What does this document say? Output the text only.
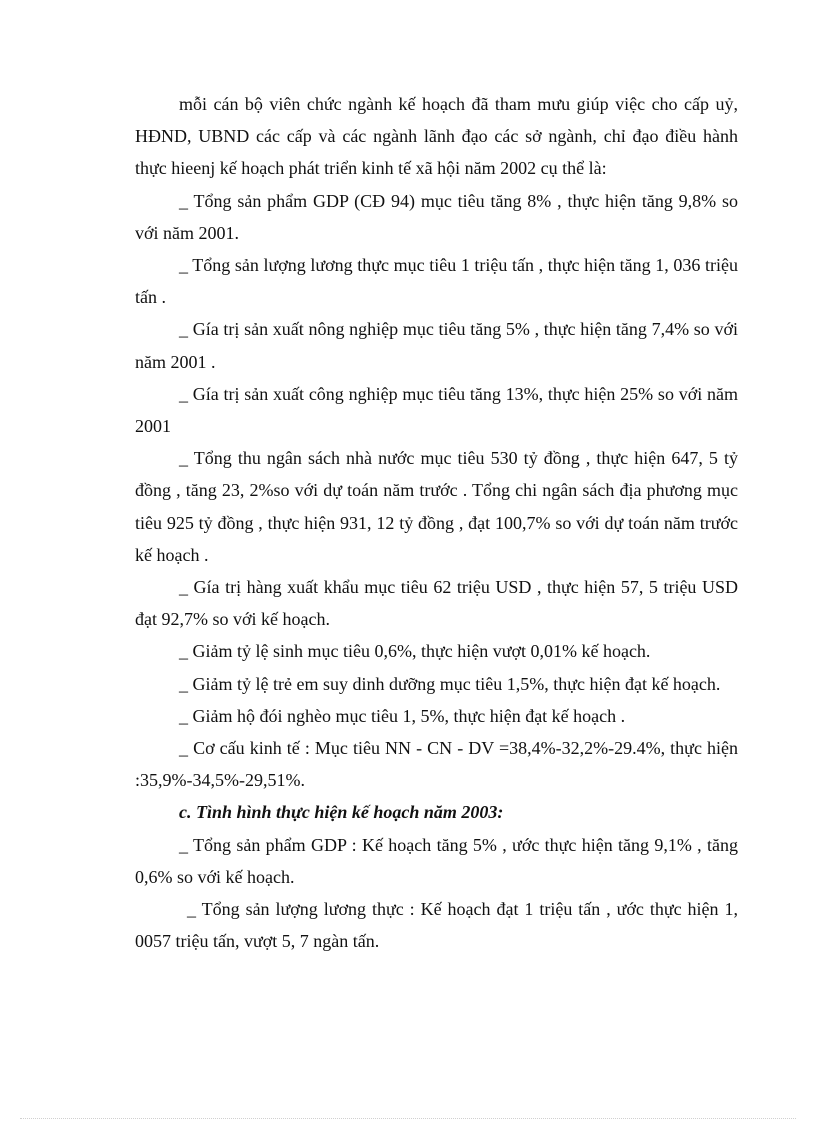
mỗi cán bộ viên chức ngành kế hoạch đã tham mưu giúp việc cho cấp uỷ, HĐND, UBND các cấp và các ngành lãnh đạo các sở ngành, chỉ đạo điều hành thực hieenj kế hoạch phát triển kinh tế xã hội năm 2002 cụ thể là:

_ Tổng sản phẩm GDP (CĐ 94) mục tiêu tăng 8% , thực hiện tăng 9,8% so với năm 2001.

_ Tổng sản lượng lương thực mục tiêu 1 triệu tấn , thực hiện tăng 1, 036 triệu tấn .

_ Gía trị sản xuất nông nghiệp mục tiêu tăng 5% , thực hiện tăng 7,4% so với năm 2001 .

_ Gía trị sản xuất công nghiệp mục tiêu tăng 13%, thực hiện 25% so với năm 2001

_ Tổng thu ngân sách nhà nước mục tiêu 530 tỷ đồng , thực hiện 647, 5 tỷ đồng , tăng 23, 2%so với dự toán năm trước . Tổng chi ngân sách địa phương mục tiêu 925 tỷ đồng , thực hiện 931, 12 tỷ đồng , đạt 100,7% so với dự toán năm trước kế hoạch .

_ Gía trị hàng xuất khẩu mục tiêu 62 triệu USD , thực hiện 57, 5 triệu USD đạt 92,7% so với kế hoạch.

_ Giảm tỷ lệ sinh mục tiêu 0,6%, thực hiện vượt 0,01% kế hoạch.

_ Giảm tỷ lệ trẻ em suy dinh dưỡng mục tiêu 1,5%, thực hiện đạt kế hoạch.

_ Giảm hộ đói nghèo mục tiêu 1, 5%, thực hiện đạt kế hoạch .

_ Cơ cấu kinh tế : Mục tiêu NN - CN - DV =38,4%-32,2%-29.4%, thực hiện :35,9%-34,5%-29,51%.

c. Tình hình thực hiện kế hoạch năm 2003:

_ Tổng sản phẩm GDP : Kế hoạch tăng 5% , ước thực hiện tăng 9,1% , tăng 0,6% so với kế hoạch.

_ Tổng sản lượng lương thực : Kế hoạch đạt 1 triệu tấn , ước thực hiện 1, 0057 triệu tấn, vượt 5, 7 ngàn tấn.
